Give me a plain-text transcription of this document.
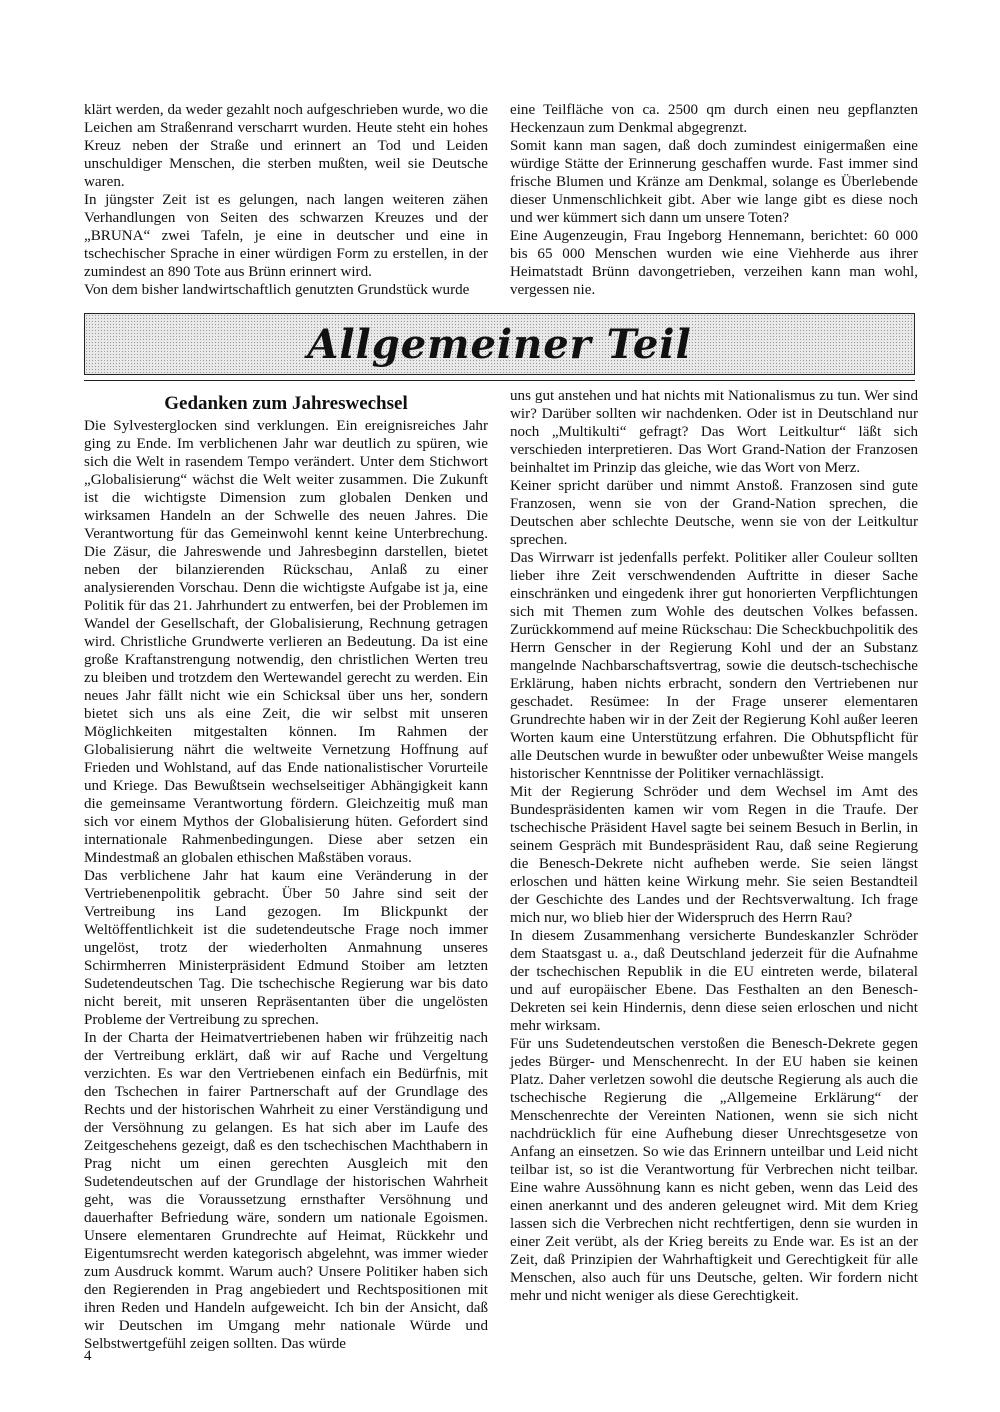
klärt werden, da weder gezahlt noch aufgeschrieben wurde, wo die Leichen am Straßenrand verscharrt wurden. Heute steht ein hohes Kreuz neben der Straße und erinnert an Tod und Leiden unschuldiger Menschen, die sterben mußten, weil sie Deutsche waren.

In jüngster Zeit ist es gelungen, nach langen weiteren zähen Verhandlungen von Seiten des schwarzen Kreuzes und der „BRUNA“ zwei Tafeln, je eine in deutscher und eine in tschechischer Sprache in einer würdigen Form zu erstellen, in der zumindest an 890 Tote aus Brünn erinnert wird.

Von dem bisher landwirtschaftlich genutzten Grundstück wurde

eine Teilfläche von ca. 2500 qm durch einen neu gepflanzten Heckenzaun zum Denkmal abgegrenzt.

Somit kann man sagen, daß doch zumindest einigermaßen eine würdige Stätte der Erinnerung geschaffen wurde. Fast immer sind frische Blumen und Kränze am Denkmal, solange es Überlebende dieser Unmenschlichkeit gibt. Aber wie lange gibt es diese noch und wer kümmert sich dann um unsere Toten?

Eine Augenzeugin, Frau Ingeborg Hennemann, berichtet: 60 000 bis 65 000 Menschen wurden wie eine Viehherde aus ihrer Heimatstadt Brünn davongetrieben, verzeihen kann man wohl, vergessen nie.

Allgemeiner Teil
Gedanken zum Jahreswechsel

Die Sylvesterglocken sind verklungen. Ein ereignisreiches Jahr ging zu Ende. Im verblichenen Jahr war deutlich zu spüren, wie sich die Welt in rasendem Tempo verändert. Unter dem Stichwort „Globalisierung“ wächst die Welt weiter zusammen. Die Zukunft ist die wichtigste Dimension zum globalen Denken und wirksamen Handeln an der Schwelle des neuen Jahres. Die Verantwortung für das Gemeinwohl kennt keine Unterbrechung. Die Zäsur, die Jahreswende und Jahresbeginn darstellen, bietet neben der bilanzierenden Rückschau, Anlaß zu einer analysierenden Vorschau. Denn die wichtigste Aufgabe ist ja, eine Politik für das 21. Jahrhundert zu entwerfen, bei der Problemen im Wandel der Gesellschaft, der Globalisierung, Rechnung getragen wird. Christliche Grundwerte verlieren an Bedeutung. Da ist eine große Kraftanstrengung notwendig, den christlichen Werten treu zu bleiben und trotzdem den Wertewandel gerecht zu werden. Ein neues Jahr fällt nicht wie ein Schicksal über uns her, sondern bietet sich uns als eine Zeit, die wir selbst mit unseren Möglichkeiten mitgestalten können. Im Rahmen der Globalisierung nährt die weltweite Vernetzung Hoffnung auf Frieden und Wohlstand, auf das Ende nationalistischer Vorurteile und Kriege. Das Bewußtsein wechselseitiger Abhängigkeit kann die gemeinsame Verantwortung fördern. Gleichzeitig muß man sich vor einem Mythos der Globalisierung hüten. Gefordert sind internationale Rahmenbedingungen. Diese aber setzen ein Mindestmaß an globalen ethischen Maßstäben voraus.

Das verblichene Jahr hat kaum eine Veränderung in der Vertriebenenpolitik gebracht. Über 50 Jahre sind seit der Vertreibung ins Land gezogen. Im Blickpunkt der Weltöffentlichkeit ist die sudetendeutsche Frage noch immer ungelöst, trotz der wiederholten Anmahnung unseres Schirmherren Ministerpräsident Edmund Stoiber am letzten Sudetendeutschen Tag. Die tschechische Regierung war bis dato nicht bereit, mit unseren Repräsentanten über die ungelösten Probleme der Vertreibung zu sprechen.

In der Charta der Heimatvertriebenen haben wir frühzeitig nach der Vertreibung erklärt, daß wir auf Rache und Vergeltung verzichten. Es war den Vertriebenen einfach ein Bedürfnis, mit den Tschechen in fairer Partnerschaft auf der Grundlage des Rechts und der historischen Wahrheit zu einer Verständigung und der Versöhnung zu gelangen. Es hat sich aber im Laufe des Zeitgeschehens gezeigt, daß es den tschechischen Machthabern in Prag nicht um einen gerechten Ausgleich mit den Sudetendeutschen auf der Grundlage der historischen Wahrheit geht, was die Voraussetzung ernsthafter Versöhnung und dauerhafter Befriedung wäre, sondern um nationale Egoismen. Unsere elementaren Grundrechte auf Heimat, Rückkehr und Eigentumsrecht werden kategorisch abgelehnt, was immer wieder zum Ausdruck kommt. Warum auch? Unsere Politiker haben sich den Regierenden in Prag angebiedert und Rechtspositionen mit ihren Reden und Handeln aufgeweicht. Ich bin der Ansicht, daß wir Deutschen im Umgang mehr nationale Würde und Selbstwertgefühl zeigen sollten. Das würde

uns gut anstehen und hat nichts mit Nationalismus zu tun. Wer sind wir? Darüber sollten wir nachdenken. Oder ist in Deutschland nur noch „Multikulti“ gefragt? Das Wort Leitkultur“ läßt sich verschieden interpretieren. Das Wort Grand-Nation der Franzosen beinhaltet im Prinzip das gleiche, wie das Wort von Merz.

Keiner spricht darüber und nimmt Anstoß. Franzosen sind gute Franzosen, wenn sie von der Grand-Nation sprechen, die Deutschen aber schlechte Deutsche, wenn sie von der Leitkultur sprechen.

Das Wirrwarr ist jedenfalls perfekt. Politiker aller Couleur sollten lieber ihre Zeit verschwendenden Auftritte in dieser Sache einschränken und eingedenk ihrer gut honorierten Verpflichtungen sich mit Themen zum Wohle des deutschen Volkes befassen. Zurückkommend auf meine Rückschau: Die Scheckbuchpolitik des Herrn Genscher in der Regierung Kohl und der an Substanz mangelnde Nachbarschaftsvertrag, sowie die deutsch-tschechische Erklärung, haben nichts erbracht, sondern den Vertriebenen nur geschadet. Resümee: In der Frage unserer elementaren Grundrechte haben wir in der Zeit der Regierung Kohl außer leeren Worten kaum eine Unterstützung erfahren. Die Obhutspflicht für alle Deutschen wurde in bewußter oder unbewußter Weise mangels historischer Kenntnisse der Politiker vernachlässigt.

Mit der Regierung Schröder und dem Wechsel im Amt des Bundespräsidenten kamen wir vom Regen in die Traufe. Der tschechische Präsident Havel sagte bei seinem Besuch in Berlin, in seinem Gespräch mit Bundespräsident Rau, daß seine Regierung die Benesch-Dekrete nicht aufheben werde. Sie seien längst erloschen und hätten keine Wirkung mehr. Sie seien Bestandteil der Geschichte des Landes und der Rechtsverwaltung. Ich frage mich nur, wo blieb hier der Widerspruch des Herrn Rau?

In diesem Zusammenhang versicherte Bundeskanzler Schröder dem Staatsgast u. a., daß Deutschland jederzeit für die Aufnahme der tschechischen Republik in die EU eintreten werde, bilateral und auf europäischer Ebene. Das Festhalten an den Benesch-Dekreten sei kein Hindernis, denn diese seien erloschen und nicht mehr wirksam.

Für uns Sudetendeutschen verstoßen die Benesch-Dekrete gegen jedes Bürger- und Menschenrecht. In der EU haben sie keinen Platz. Daher verletzen sowohl die deutsche Regierung als auch die tschechische Regierung die „Allgemeine Erklärung“ der Menschenrechte der Vereinten Nationen, wenn sie sich nicht nachdrücklich für eine Aufhebung dieser Unrechtsgesetze von Anfang an einsetzen. So wie das Erinnern unteilbar und Leid nicht teilbar ist, so ist die Verantwortung für Verbrechen nicht teilbar. Eine wahre Aussöhnung kann es nicht geben, wenn das Leid des einen anerkannt und des anderen geleugnet wird. Mit dem Krieg lassen sich die Verbrechen nicht rechtfertigen, denn sie wurden in einer Zeit verübt, als der Krieg bereits zu Ende war. Es ist an der Zeit, daß Prinzipien der Wahrhaftigkeit und Gerechtigkeit für alle Menschen, also auch für uns Deutsche, gelten. Wir fordern nicht mehr und nicht weniger als diese Gerechtigkeit.

4
